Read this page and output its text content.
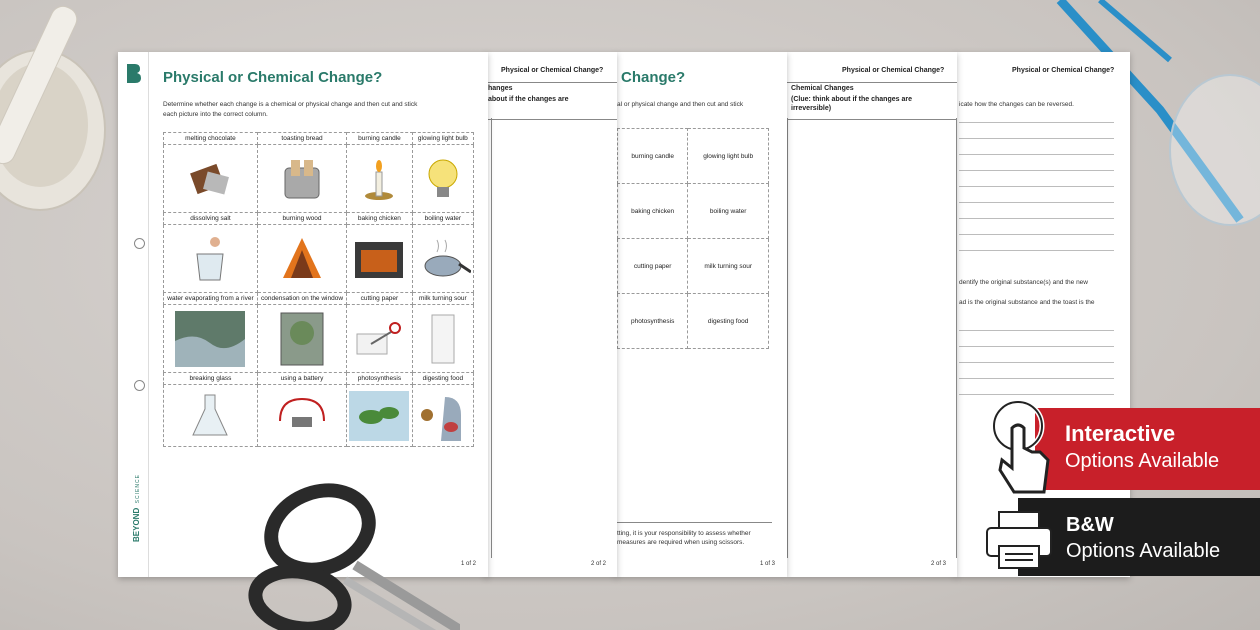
Physical or Chemical Change?
icate how the changes can be reversed.
dentify the original substance(s) and the new
ad is the original substance and the toast is the
Physical or Chemical Change?
Chemical Changes
(Clue: think about if the changes are
irreversible)
2 of 3
Change?
al or physical change and then cut and stick
burning candle	glowing light bulb
baking chicken	boiling water
cutting paper	milk turning sour
photosynthesis	digesting food
tting, it is your responsibility to assess whether
measures are required when using scissors.
1 of 3
Physical or Chemical Change?
hanges
about if the changes are
2 of 2
BEYOND SCIENCE
Physical or Chemical Change?
Determine whether each change is a chemical or physical change and then cut and stick
each picture into the correct column.
melting chocolate	toasting bread	burning candle	glowing light bulb

dissolving salt	burning wood	baking chicken	boiling water

water evaporating from a river	condensation on the window	cutting paper	milk turning sour

breaking glass	using a battery	photosynthesis	digesting food

1 of 2
Interactive
Options Available
B&W
Options Available
